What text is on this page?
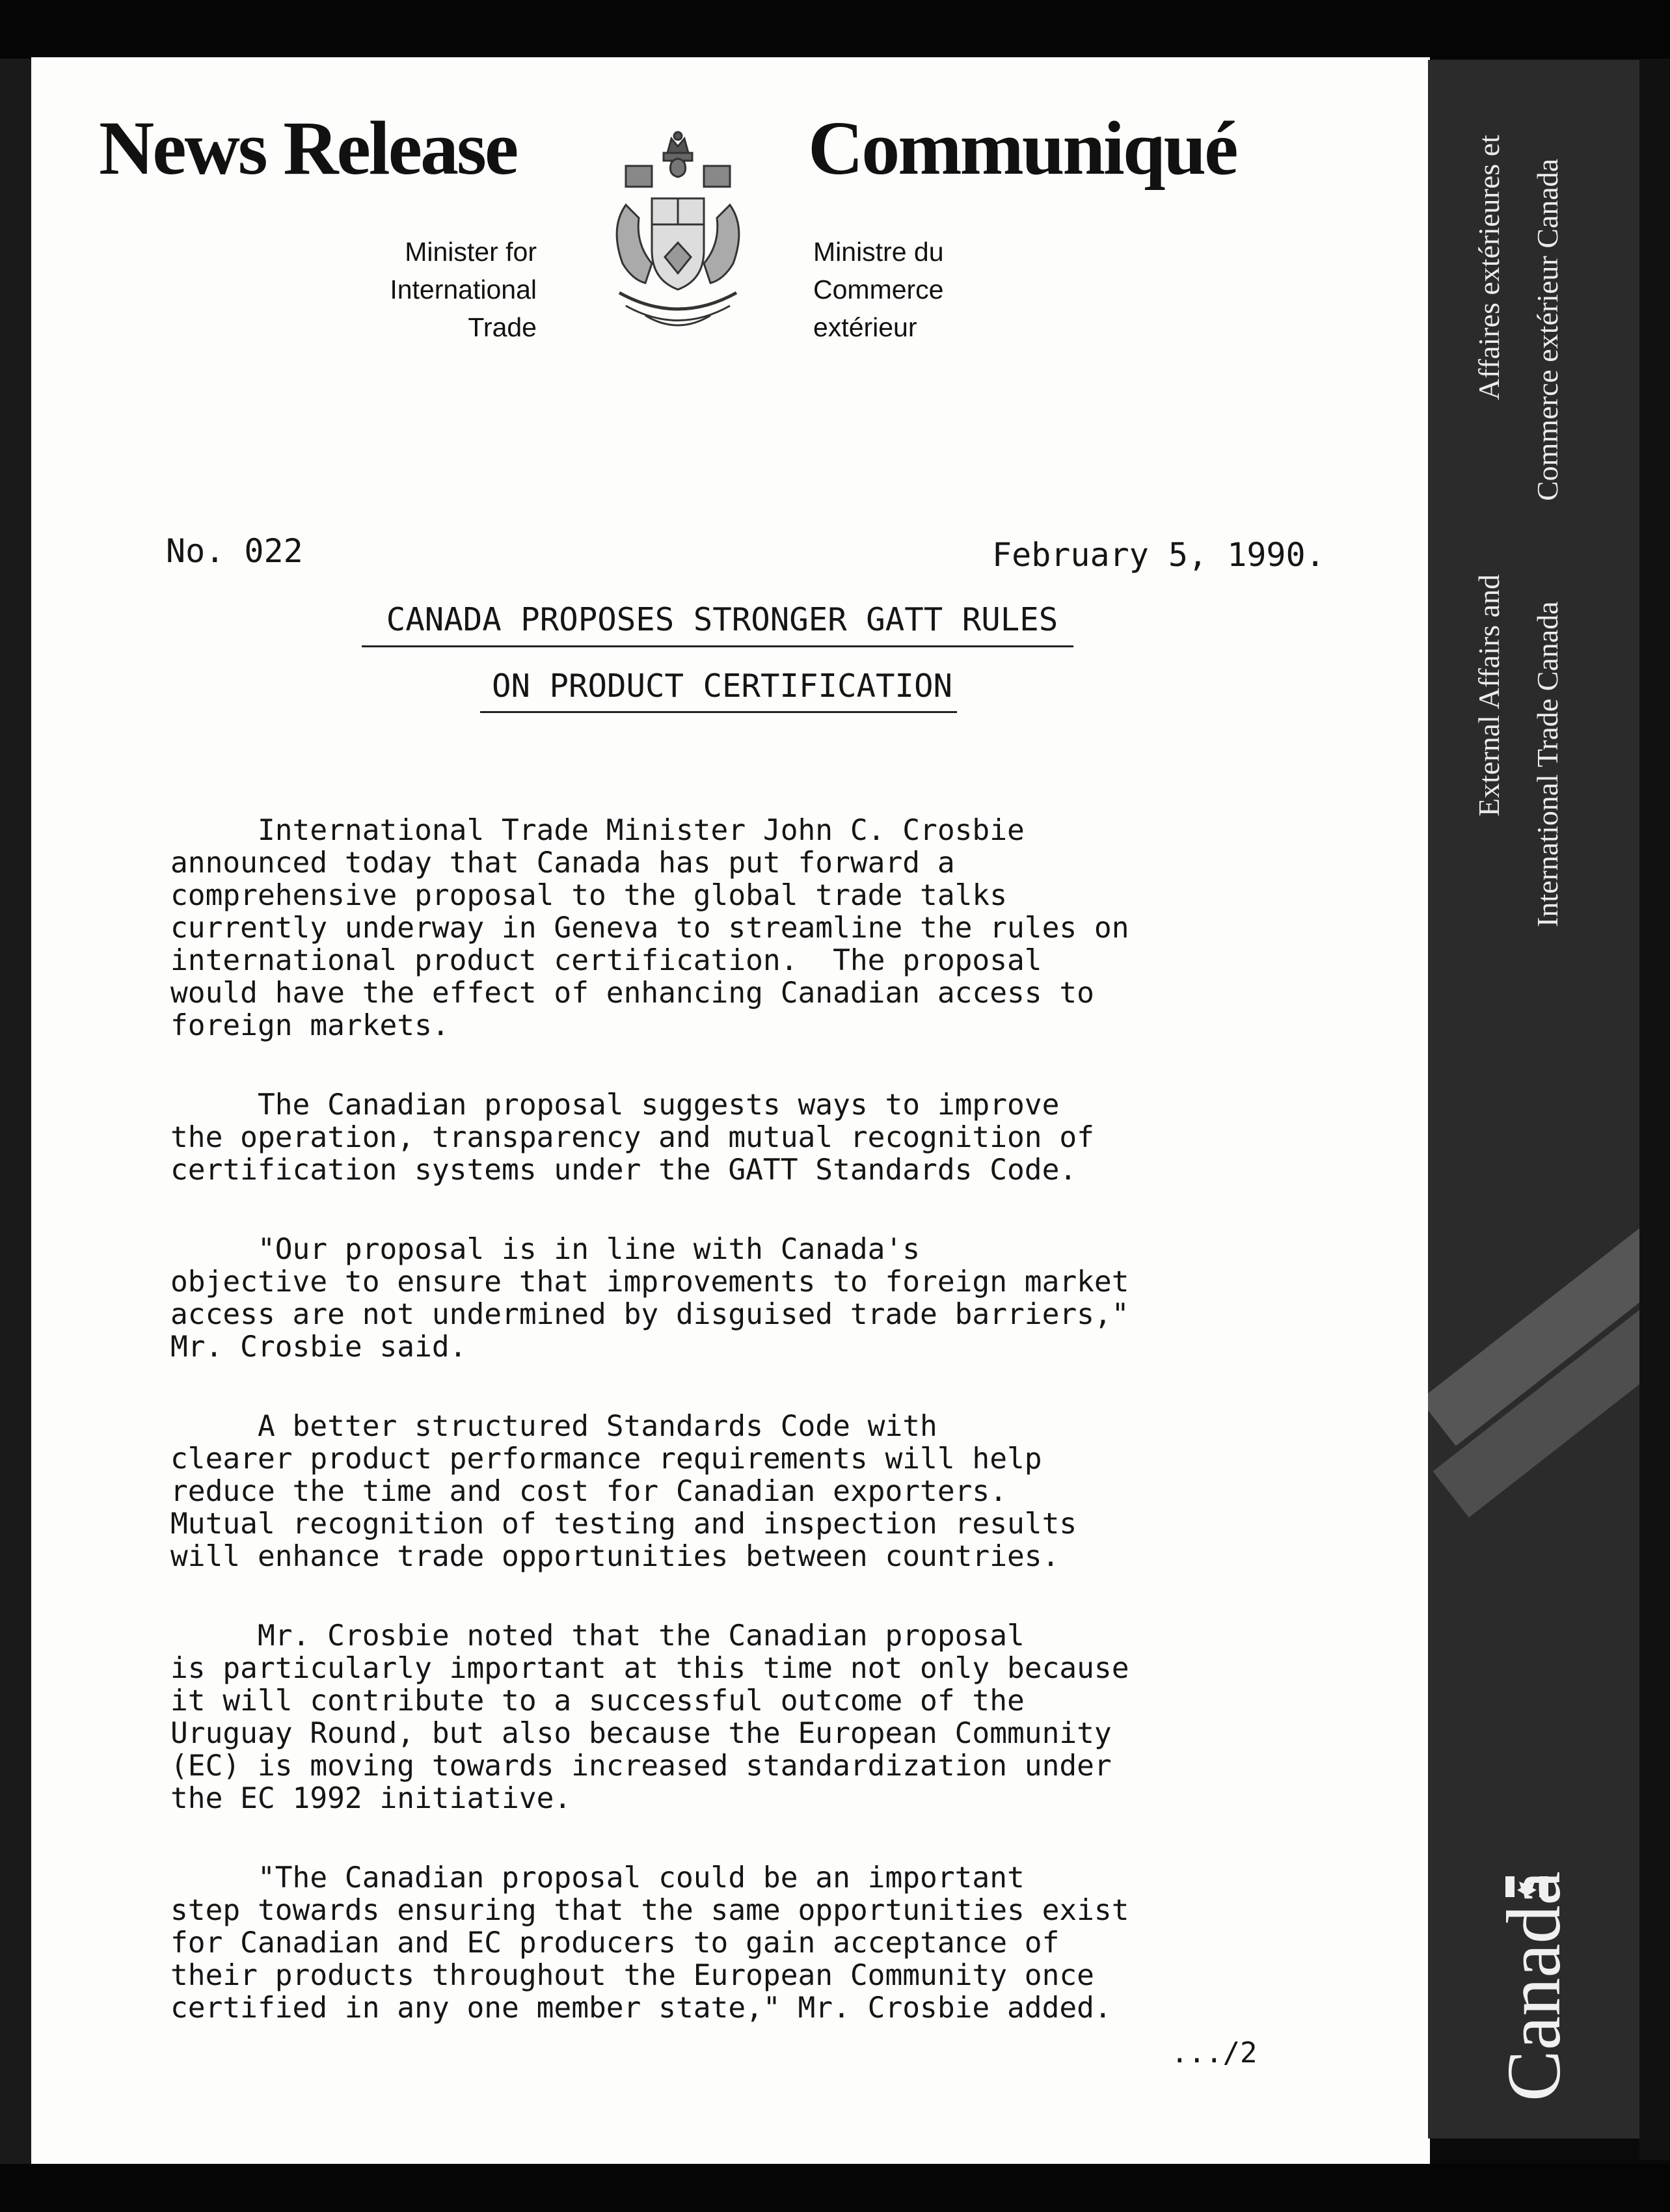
News Release	Communiqué
Minister for
International
Trade
Ministre du
Commerce
extérieur
No. 022	February 5, 1990.
CANADA PROPOSES STRONGER GATT RULES
ON PRODUCT CERTIFICATION

International Trade Minister John C. Crosbie
announced today that Canada has put forward a
comprehensive proposal to the global trade talks
currently underway in Geneva to streamline the rules on
international product certification.  The proposal
would have the effect of enhancing Canadian access to
foreign markets.

The Canadian proposal suggests ways to improve
the operation, transparency and mutual recognition of
certification systems under the GATT Standards Code.

"Our proposal is in line with Canada's
objective to ensure that improvements to foreign market
access are not undermined by disguised trade barriers,"
Mr. Crosbie said.

A better structured Standards Code with
clearer product performance requirements will help
reduce the time and cost for Canadian exporters.
Mutual recognition of testing and inspection results
will enhance trade opportunities between countries.

Mr. Crosbie noted that the Canadian proposal
is particularly important at this time not only because
it will contribute to a successful outcome of the
Uruguay Round, but also because the European Community
(EC) is moving towards increased standardization under
the EC 1992 initiative.

"The Canadian proposal could be an important
step towards ensuring that the same opportunities exist
for Canadian and EC producers to gain acceptance of
their products throughout the European Community once
certified in any one member state," Mr. Crosbie added.

.../2
Affaires extérieures et Commerce extérieur Canada
External Affairs and International Trade Canada
Canada
